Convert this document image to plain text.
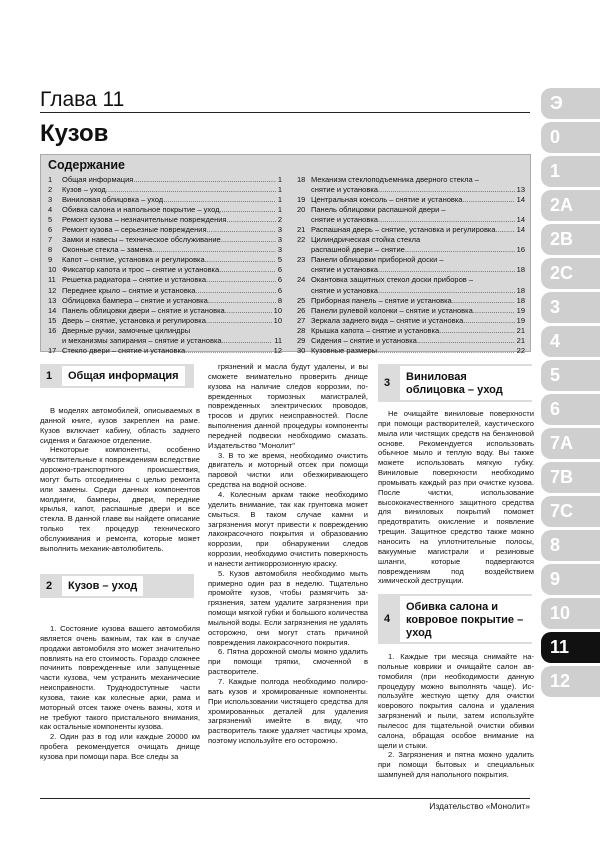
Глава 11
Кузов
Э
0
1
2А
2В
2С
3
4
5
6
7А
7В
7С
8
9
10
11
12
Содержание
1	Общая информация .....	1
2	Кузов – уход .....	1
3	Виниловая облицовка – уход .....	1
4	Обивка салона и напольное покрытие – уход .....	1
5	Ремонт кузова – незначительные повреждения .....	2
6	Ремонт кузова – серьезные повреждения .....	3
7	Замки и навесы – техническое обслуживание .....	3
8	Оконные стекла – замена .....	3
9	Капот – снятие, установка и регулировка .....	5
10 Фиксатор капота и трос – снятие и установка .....	6
11 Решетка радиатора – снятие и установка .....	6
12 Переднее крыло – снятие и установка .....	6
13 Облицовка бампера – снятие и установка .....	8
14 Панель облицовки двери – снятие и установка .....	10
15 Дверь – снятие, установка и регулировка .....	10
16 Дверные ручки, замочные цилиндры
и механизмы запирания – снятие и установка .....	11
17 Стекло двери – снятие и установка .....	12
18 Механизм стеклоподъемника дверного стекла –
снятие и установка .....	13
19 Центральная консоль – снятие и установка .....	14
20 Панель облицовки распашной двери –
снятие и установка .....	14
21 Распашная дверь – снятие, установка и регулировка .....	14
22 Цилиндрическая стойка стекла
распашной двери – снятие .....	16
23 Панели облицовки приборной доски –
снятие и установка .....	18
24 Окантовка защитных стекол доски приборов –
снятие и установка .....	18
25 Приборная панель – снятие и установка .....	18
26 Панели рулевой колонки – снятие и установка .....	19
27 Зеркала заднего вида – снятие и установка .....	19
28 Крышка капота – снятие и установка .....	21
29 Сидения – снятие и установка .....	21
30 Кузовные размеры .....	22
1	Общая информация

В моделях автомобилей, описываемых в данной книге, кузов закреплен на раме. Кузов включает кабину, область заднего сидения и багажное отделение.

Некоторые компоненты, особенно чувствительные к повреждениям вследствие дорожно-транспортного происшествия, могут быть отсоединены с целью ремонта или замены. Среди данных компонентов молдинги, бамперы, двери, передние крылья, капот, распашные двери и все стекла. В данной главе вы найдете описание только тех процедур технического обслуживания и ремонта, которые может выполнить механик-автолюбитель.

2	Кузов – уход

1. Состояние кузова вашего автомобиля является очень важным, так как в случае продажи автомобиля это может значительно повлиять на его стоимость. Гораздо сложнее починить поврежденные или запущенные части кузова, чем устранить механические неисправности. Труднодоступные части кузова, такие как колесные арки, рама и моторный отсек также очень важны, хотя и не требуют такого пристального внимания, как остальные компоненты кузова.

2. Один раз в год или каждые 20000 км пробега рекомендуется очищать днище кузова при помощи пара. Все следы за

грязнений и масла будут удалены, и вы сможете внимательно проверить днище кузова на наличие следов коррозии, поврежденных тормозных магистралей, поврежденных электрических проводов, тросов и других неисправностей. После выполнения данной процедуры компоненты передней подвески необходимо смазать. Издательство "Монолит"

3. В то же время, необходимо очистить двигатель и моторный отсек при помощи паровой чистки или обезжиривающего средства на водной основе.

4. Колесным аркам также необходимо уделить внимание, так как грунтовка может смыться. В таком случае камни и загрязнения могут привести к повреждению лакокрасочного покрытия и образованию коррозии, при обнаружении следов коррозии, необходимо очистить поверхность и нанести антикоррозионную краску.

5. Кузов автомобиля необходимо мыть примерно один раз в неделю. Тщательно промойте кузов, чтобы размягчить загрязнения, затем удалите загрязнения при помощи мягкой губки и большого количества мыльной воды. Если загрязнения не удалять осторожно, они могут стать причиной повреждения лакокрасочного покрытия.

6. Пятна дорожной смолы можно удалить при помощи тряпки, смоченной в растворителе.

7. Каждые полгода необходимо полировать кузов и хромированные компоненты. При использовании чистящего средства для хромированных деталей для удаления загрязнений имейте в виду, что растворитель также удаляет частицы хрома, поэтому используйте его осторожно.

3	Виниловая облицовка – уход

Не очищайте виниловые поверхности при помощи растворителей, каустического мыла или чистящих средств на бензиновой основе. Рекомендуется использовать обычное мыло и теплую воду. Вы также можете использовать мягкую губку. Виниловые поверхности необходимо промывать каждый раз при очистке кузова. После чистки, использование высококачественного защитного средства для виниловых покрытий поможет предотвратить окисление и появление трещин. Защитное средство также можно наносить на уплотнительные полосы, вакуумные магистрали и резиновые шланги, которые подвергаются повреждениям под воздействием химической деструкции.

4
Обивка салона и ковровое покрытие – уход

1. Каждые три месяца снимайте напольные коврики и очищайте салон автомобиля (при необходимости данную процедуру можно выполнять чаще). Используйте жесткую щетку для очистки коврового покрытия салона и удаления загрязнений и пыли, затем используйте пылесос для тщательной очистки обивки салона, обращая особое внимание на щели и стыки.

2. Загрязнения и пятна можно удалить при помощи бытовых и специальных шампуней для напольного покрытия.

Издательство «Монолит»
